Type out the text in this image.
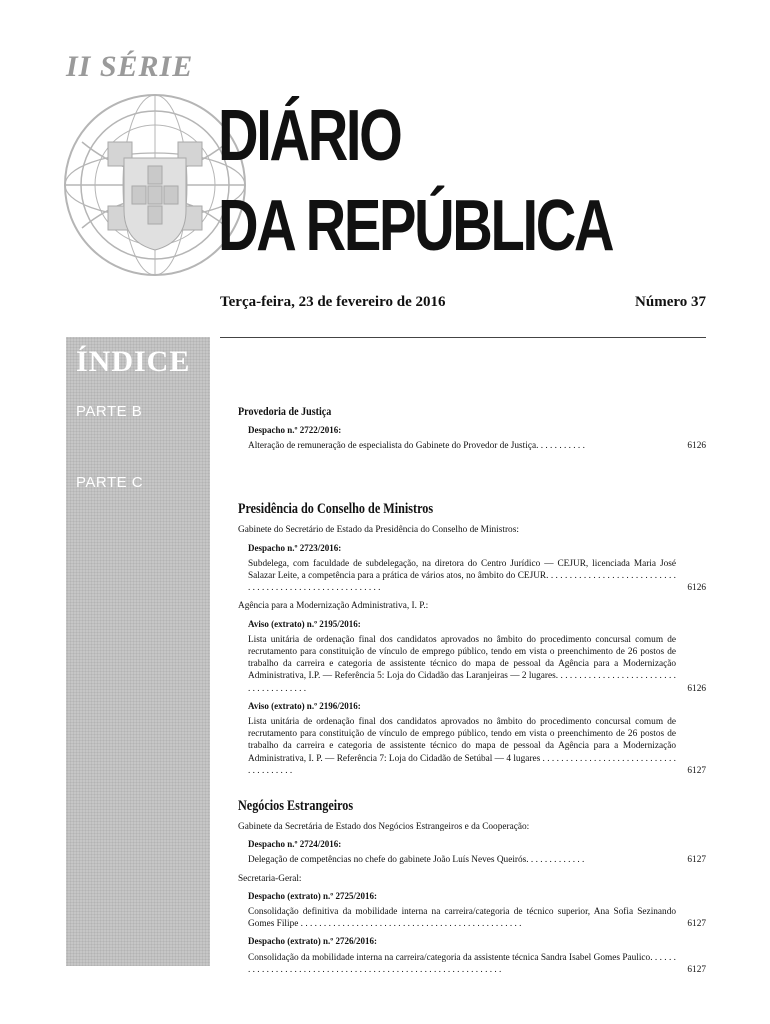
II SÉRIE
DIÁRIO
DA REPÚBLICA
Terça-feira, 23 de fevereiro de 2016	Número 37
ÍNDICE
PARTE B
PARTE C
Provedoria de Justiça
Despacho n.º 2722/2016:
Alteração de remuneração de especialista do Gabinete do Provedor de Justiça. . . . . . . . . . .	6126
Presidência do Conselho de Ministros
Gabinete do Secretário de Estado da Presidência do Conselho de Ministros:
Despacho n.º 2723/2016:
Subdelega, com faculdade de subdelegação, na diretora do Centro Jurídico — CEJUR, licenciada Maria José Salazar Leite, a competência para a prática de vários atos, no âmbito do CEJUR. . . . . . . . . . . . . . . . . . . . . . . . . . . . . . . . . . . . . . . . . . . . . . . . . . . . . . . . .	6126
Agência para a Modernização Administrativa, I. P.:
Aviso (extrato) n.º 2195/2016:
Lista unitária de ordenação final dos candidatos aprovados no âmbito do procedimento concursal comum de recrutamento para constituição de vínculo de emprego público, tendo em vista o preenchimento de 26 postos de trabalho da carreira e categoria de assistente técnico do mapa de pessoal da Agência para a Modernização Administrativa, I.P. — Referência 5: Loja do Cidadão das Laranjeiras — 2 lugares. . . . . . . . . . . . . . . . . . . . . . . . . . . . . . . . . . . . . . .	6126
Aviso (extrato) n.º 2196/2016:
Lista unitária de ordenação final dos candidatos aprovados no âmbito do procedimento concursal comum de recrutamento para constituição de vínculo de emprego público, tendo em vista o preenchimento de 26 postos de trabalho da carreira e categoria de assistente técnico do mapa de pessoal da Agência para a Modernização Administrativa, I. P. — Referência 7: Loja do Cidadão de Setúbal — 4 lugares . . . . . . . . . . . . . . . . . . . . . . . . . . . . . . . . . . . . . . .	6127
Negócios Estrangeiros
Gabinete da Secretária de Estado dos Negócios Estrangeiros e da Cooperação:
Despacho n.º 2724/2016:
Delegação de competências no chefe do gabinete João Luís Neves Queirós. . . . . . . . . . . . .	6127
Secretaria-Geral:
Despacho (extrato) n.º 2725/2016:
Consolidação definitiva da mobilidade interna na carreira/categoria de técnico superior, Ana Sofia Sezinando Gomes Filipe . . . . . . . . . . . . . . . . . . . . . . . . . . . . . . . . . . . . . . . . . . . . . . . .	6127
Despacho (extrato) n.º 2726/2016:
Consolidação da mobilidade interna na carreira/categoria da assistente técnica Sandra Isabel Gomes Paulico. . . . . . . . . . . . . . . . . . . . . . . . . . . . . . . . . . . . . . . . . . . . . . . . . . . . . . . . . . . . .	6127
